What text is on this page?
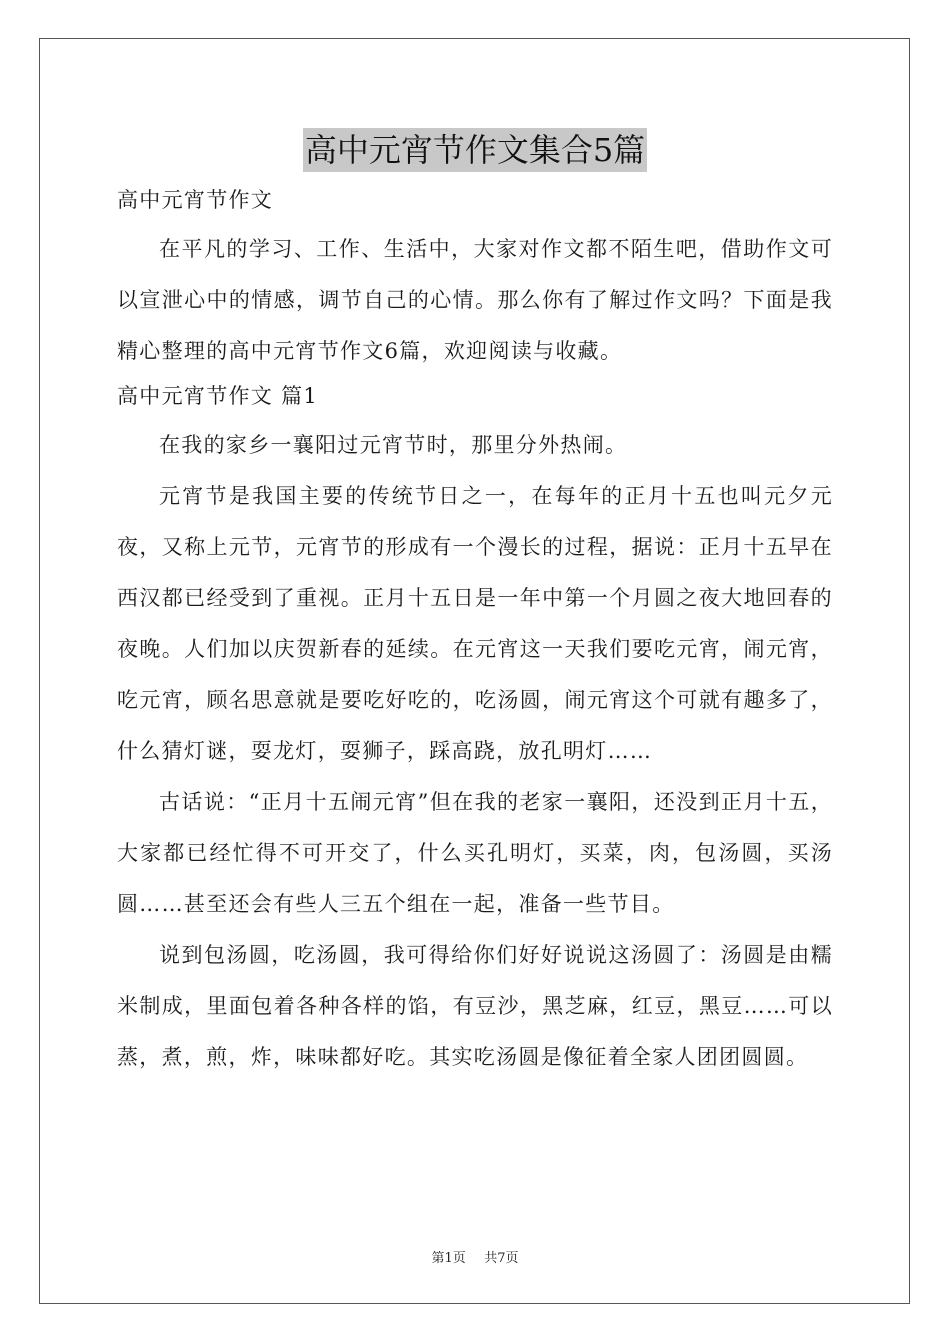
高中元宵节作文集合5篇

高中元宵节作文

在平凡的学习、工作、生活中，大家对作文都不陌生吧，借助作文可以宣泄心中的情感，调节自己的心情。那么你有了解过作文吗？下面是我精心整理的高中元宵节作文6篇，欢迎阅读与收藏。

高中元宵节作文 篇1

在我的家乡一襄阳过元宵节时，那里分外热闹。

元宵节是我国主要的传统节日之一，在每年的正月十五也叫元夕元夜，又称上元节，元宵节的形成有一个漫长的过程，据说：正月十五早在西汉都已经受到了重视。正月十五日是一年中第一个月圆之夜大地回春的夜晚。人们加以庆贺新春的延续。在元宵这一天我们要吃元宵，闹元宵，吃元宵，顾名思意就是要吃好吃的，吃汤圆，闹元宵这个可就有趣多了，什么猜灯谜，耍龙灯，耍狮子，踩高跷，放孔明灯……

古话说：“正月十五闹元宵”但在我的老家一襄阳，还没到正月十五，大家都已经忙得不可开交了，什么买孔明灯，买菜，肉，包汤圆，买汤圆……甚至还会有些人三五个组在一起，准备一些节目。

说到包汤圆，吃汤圆，我可得给你们好好说说这汤圆了：汤圆是由糯米制成，里面包着各种各样的馅，有豆沙，黑芝麻，红豆，黑豆……可以蒸，煮，煎，炸，味味都好吃。其实吃汤圆是像征着全家人团团圆圆。

第1页 共7页
